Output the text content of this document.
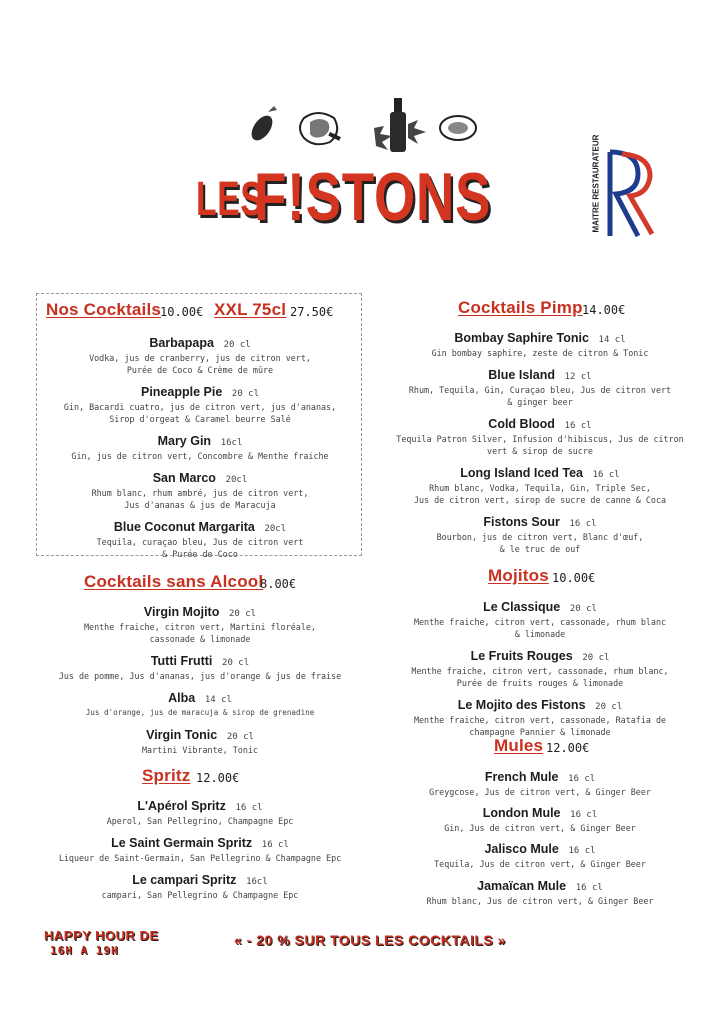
LES
F!STONS	MAITRE RESTAURATEUR
Nos Cocktails
10.00€ XXL 75cl 27.50€
Barbapapa 20 cl
Vodka, jus de cranberry, jus de citron vert,
Purée de Coco & Crème de mûre
Pineapple Pie 20 cl
Gin, Bacardi cuatro, jus de citron vert, jus d'ananas,
Sirop d'orgeat & Caramel beurre Salé
Mary Gin 16cl
Gin, jus de citron vert, Concombre & Menthe fraiche
San Marco 20cl
Rhum blanc, rhum ambré, jus de citron vert,
Jus d'ananas & jus de Maracuja
Blue Coconut Margarita 20cl
Tequila, curaçao bleu, Jus de citron vert
& Purée de Coco
Cocktails sans Alcool
8.00€
Virgin Mojito 20 cl
Menthe fraiche, citron vert, Martini floréale,
cassonade & limonade
Tutti Frutti 20 cl
Jus de pomme, Jus d'ananas, jus d'orange & jus de fraise
Alba 14 cl
Jus d'orange, jus de maracuja & sirop de grenadine
Virgin Tonic 20 cl
Martini Vibrante, Tonic
Spritz 12.00€
L'Apérol Spritz 16 cl
Aperol, San Pellegrino, Champagne Epc
Le Saint Germain Spritz 16 cl
Liqueur de Saint-Germain, San Pellegrino & Champagne Epc
Le campari Spritz 16cl
campari, San Pellegrino & Champagne Epc
Cocktails Pimp 14.00€
Bombay Saphire Tonic 14 cl
Gin bombay saphire, zeste de citron & Tonic
Blue Island 12 cl
Rhum, Tequila, Gin, Curaçao bleu, Jus de citron vert
& ginger beer
Cold Blood 16 cl
Tequila Patron Silver, Infusion d'hibiscus, Jus de citron
vert & sirop de sucre
Long Island Iced Tea 16 cl
Rhum blanc, Vodka, Tequila, Gin, Triple Sec,
Jus de citron vert, sirop de sucre de canne & Coca
Fistons Sour 16 cl
Bourbon, jus de citron vert, Blanc d'œuf,
& le truc de ouf
Mojitos 10.00€
Le Classique 20 cl
Menthe fraiche, citron vert, cassonade, rhum blanc
& limonade
Le Fruits Rouges 20 cl
Menthe fraiche, citron vert, cassonade, rhum blanc,
Purée de fruits rouges & limonade
Le Mojito des Fistons 20 cl
Menthe fraiche, citron vert, cassonade, Ratafia de
champagne Pannier & limonade
Mules 12.00€
French Mule 16 cl
Greygcose, Jus de citron vert, & Ginger Beer
London Mule 16 cl
Gin, Jus de citron vert, & Ginger Beer
Jalisco Mule 16 cl
Tequila, Jus de citron vert, & Ginger Beer
Jamaïcan Mule 16 cl
Rhum blanc, Jus de citron vert, & Ginger Beer
HAPPY HOUR DE
16H A 19H
« - 20 % SUR TOUS LES COCKTAILS »
